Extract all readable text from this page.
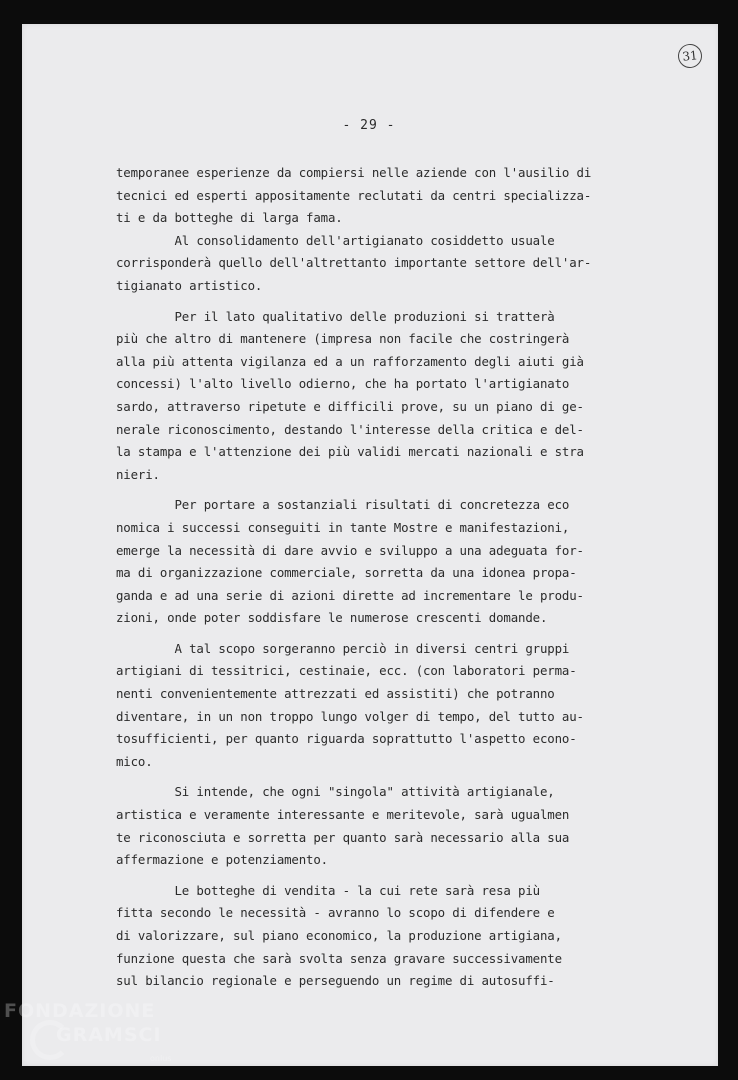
31
- 29 -
temporanee esperienze da compiersi nelle aziende con l'ausilio di
tecnici ed esperti appositamente reclutati da centri specializza-
ti e da botteghe di larga fama.
Al consolidamento dell'artigianato cosiddetto usuale
corrisponderà quello dell'altrettanto importante settore dell'ar-
tigianato artistico.
Per il lato qualitativo delle produzioni si tratterà
più che altro di mantenere (impresa non facile che costringerà
alla più attenta vigilanza ed a un rafforzamento degli aiuti già
concessi) l'alto livello odierno, che ha portato l'artigianato
sardo, attraverso ripetute e difficili prove, su un piano di ge-
nerale riconoscimento, destando l'interesse della critica e del-
la stampa e l'attenzione dei più validi mercati nazionali e stra
nieri.
Per portare a sostanziali risultati di concretezza eco
nomica i successi conseguiti in tante Mostre e manifestazioni,
emerge la necessità di dare avvio e sviluppo a una adeguata for-
ma di organizzazione commerciale, sorretta da una idonea propa-
ganda e ad una serie di azioni dirette ad incrementare le produ-
zioni, onde poter soddisfare le numerose crescenti domande.
A tal scopo sorgeranno perciò in diversi centri gruppi
artigiani di tessitrici, cestinaie, ecc. (con laboratori perma-
nenti convenientemente attrezzati ed assistiti) che potranno
diventare, in un non troppo lungo volger di tempo, del tutto au-
tosufficienti, per quanto riguarda soprattutto l'aspetto econo-
mico.
Si intende, che ogni "singola" attività artigianale,
artistica e veramente interessante e meritevole, sarà ugualmen
te riconosciuta e sorretta per quanto sarà necessario alla sua
affermazione e potenziamento.
Le botteghe di vendita - la cui rete sarà resa più
fitta secondo le necessità - avranno lo scopo di difendere e
di valorizzare, sul piano economico, la produzione artigiana,
funzione questa che sarà svolta senza gravare successivamente
sul bilancio regionale e perseguendo un regime di autosuffi-
FONDAZIONE
GRAMSCI
onlus
